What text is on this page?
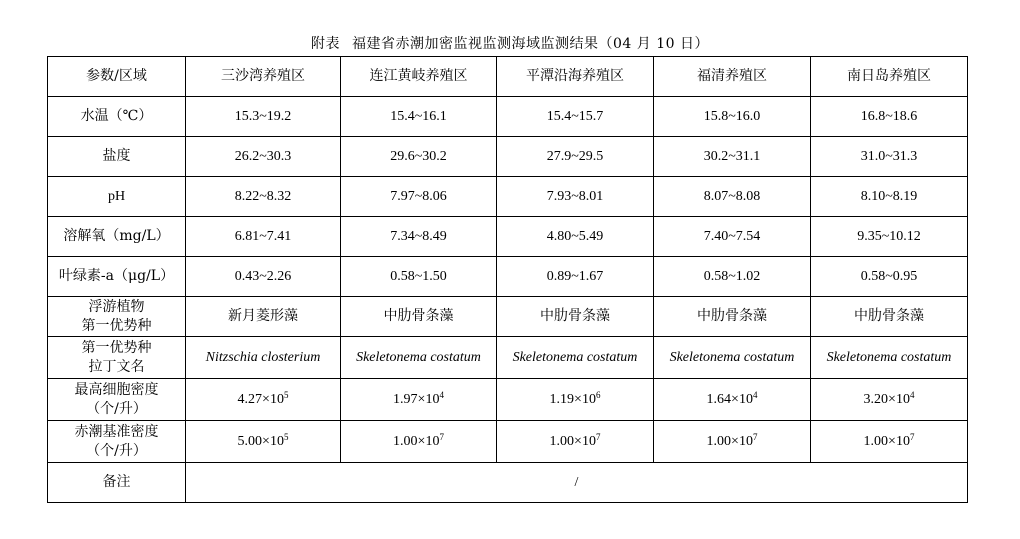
附表 福建省赤潮加密监视监测海域监测结果（04 月 10 日）
参数/区域	三沙湾养殖区	连江黄岐养殖区	平潭沿海养殖区	福清养殖区	南日岛养殖区
水温（℃）	15.3~19.2	15.4~16.1	15.4~15.7	15.8~16.0	16.8~18.6
盐度	26.2~30.3	29.6~30.2	27.9~29.5	30.2~31.1	31.0~31.3
pH	8.22~8.32	7.97~8.06	7.93~8.01	8.07~8.08	8.10~8.19
溶解氧（mg/L）	6.81~7.41	7.34~8.49	4.80~5.49	7.40~7.54	9.35~10.12
叶绿素-a（μg/L）	0.43~2.26	0.58~1.50	0.89~1.67	0.58~1.02	0.58~0.95

浮游植物
第一优势种	新月菱形藻	中肋骨条藻	中肋骨条藻	中肋骨条藻	中肋骨条藻

第一优势种
拉丁文名	Nitzschia closterium	Skeletonema costatum	Skeletonema costatum	Skeletonema costatum	Skeletonema costatum

最高细胞密度
（个/升）	$4.27\times 10^5$	$1.97\times 10^4$	$1.19\times 10^6$	$1.64\times 10^4$	$3.20\times 10^4$

赤潮基准密度
（个/升）	$5.00\times 10^5$	$1.00\times 10^7$	$1.00\times 10^7$	$1.00\times 10^7$	$1.00\times 10^7$
备注	/				
